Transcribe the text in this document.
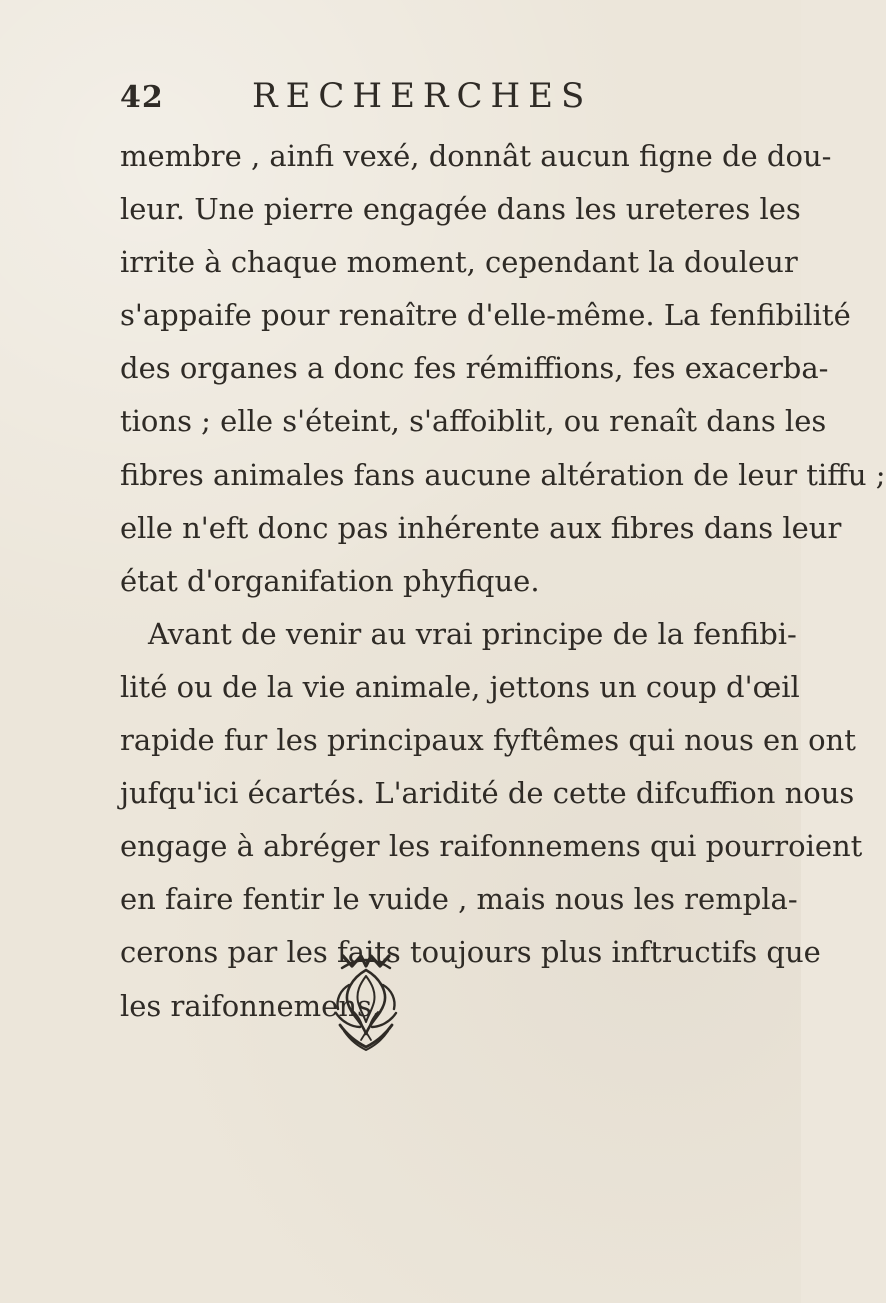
42	RECHERCHES
membre , ainfi vexé, donnât aucun figne de dou-
leur. Une pierre engagée dans les ureteres les
irrite à chaque moment, cependant la douleur
s'appaife pour renaître d'elle-même. La fenfibilité
des organes a donc fes rémiffions, fes exacerba-
tions ; elle s'éteint, s'affoiblit, ou renaît dans les
fibres animales fans aucune altération de leur tiffu ;
elle n'eft donc pas inhérente aux fibres dans leur
état d'organifation phyfique.
Avant de venir au vrai principe de la fenfibi-
lité ou de la vie animale, jettons un coup d'œil
rapide fur les principaux fyftêmes qui nous en ont
jufqu'ici écartés. L'aridité de cette difcuffion nous
engage à abréger les raifonnemens qui pourroient
en faire fentir le vuide , mais nous les rempla-
cerons par les faits toujours plus inftructifs que
les raifonnemens.
